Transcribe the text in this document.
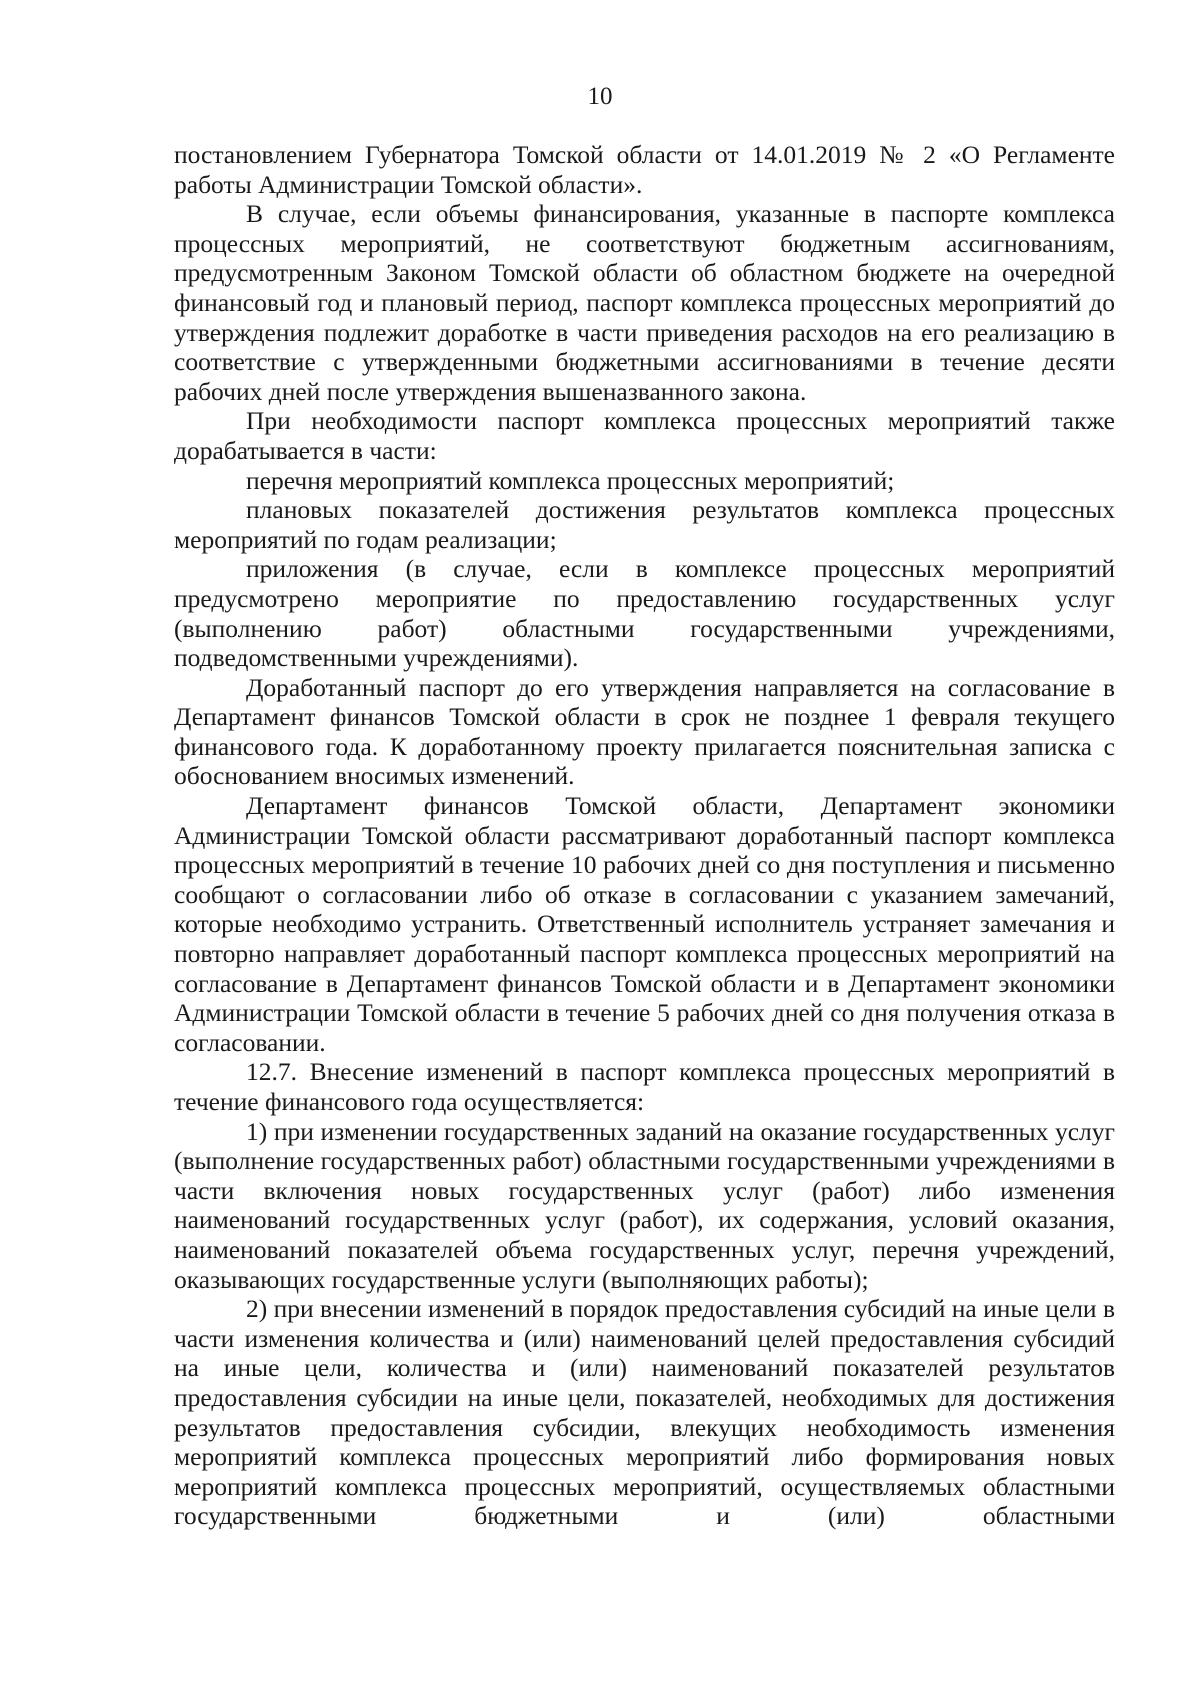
10

постановлением Губернатора Томской области от 14.01.2019 № 2 «О Регламенте работы Администрации Томской области».

В случае, если объемы финансирования, указанные в паспорте комплекса процессных мероприятий, не соответствуют бюджетным ассигнованиям, предусмотренным Законом Томской области об областном бюджете на очередной финансовый год и плановый период, паспорт комплекса процессных мероприятий до утверждения подлежит доработке в части приведения расходов на его реализацию в соответствие с утвержденными бюджетными ассигнованиями в течение десяти рабочих дней после утверждения вышеназванного закона.

При необходимости паспорт комплекса процессных мероприятий также дорабатывается в части:

перечня мероприятий комплекса процессных мероприятий;

плановых показателей достижения результатов комплекса процессных мероприятий по годам реализации;

приложения (в случае, если в комплексе процессных мероприятий предусмотрено мероприятие по предоставлению государственных услуг (выполнению работ) областными государственными учреждениями, подведомственными учреждениями).

Доработанный паспорт до его утверждения направляется на согласование в Департамент финансов Томской области в срок не позднее 1 февраля текущего финансового года. К доработанному проекту прилагается пояснительная записка с обоснованием вносимых изменений.

Департамент финансов Томской области, Департамент экономики Администрации Томской области рассматривают доработанный паспорт комплекса процессных мероприятий в течение 10 рабочих дней со дня поступления и письменно сообщают о согласовании либо об отказе в согласовании с указанием замечаний, которые необходимо устранить. Ответственный исполнитель устраняет замечания и повторно направляет доработанный паспорт комплекса процессных мероприятий на согласование в Департамент финансов Томской области и в Департамент экономики Администрации Томской области в течение 5 рабочих дней со дня получения отказа в согласовании.

12.7. Внесение изменений в паспорт комплекса процессных мероприятий в течение финансового года осуществляется:

1) при изменении государственных заданий на оказание государственных услуг (выполнение государственных работ) областными государственными учреждениями в части включения новых государственных услуг (работ) либо изменения наименований государственных услуг (работ), их содержания, условий оказания, наименований показателей объема государственных услуг, перечня учреждений, оказывающих государственные услуги (выполняющих работы);

2) при внесении изменений в порядок предоставления субсидий на иные цели в части изменения количества и (или) наименований целей предоставления субсидий на иные цели, количества и (или) наименований показателей результатов предоставления субсидии на иные цели, показателей, необходимых для достижения результатов предоставления субсидии, влекущих необходимость изменения мероприятий комплекса процессных мероприятий либо формирования новых мероприятий комплекса процессных мероприятий, осуществляемых областными государственными бюджетными и (или) областными
